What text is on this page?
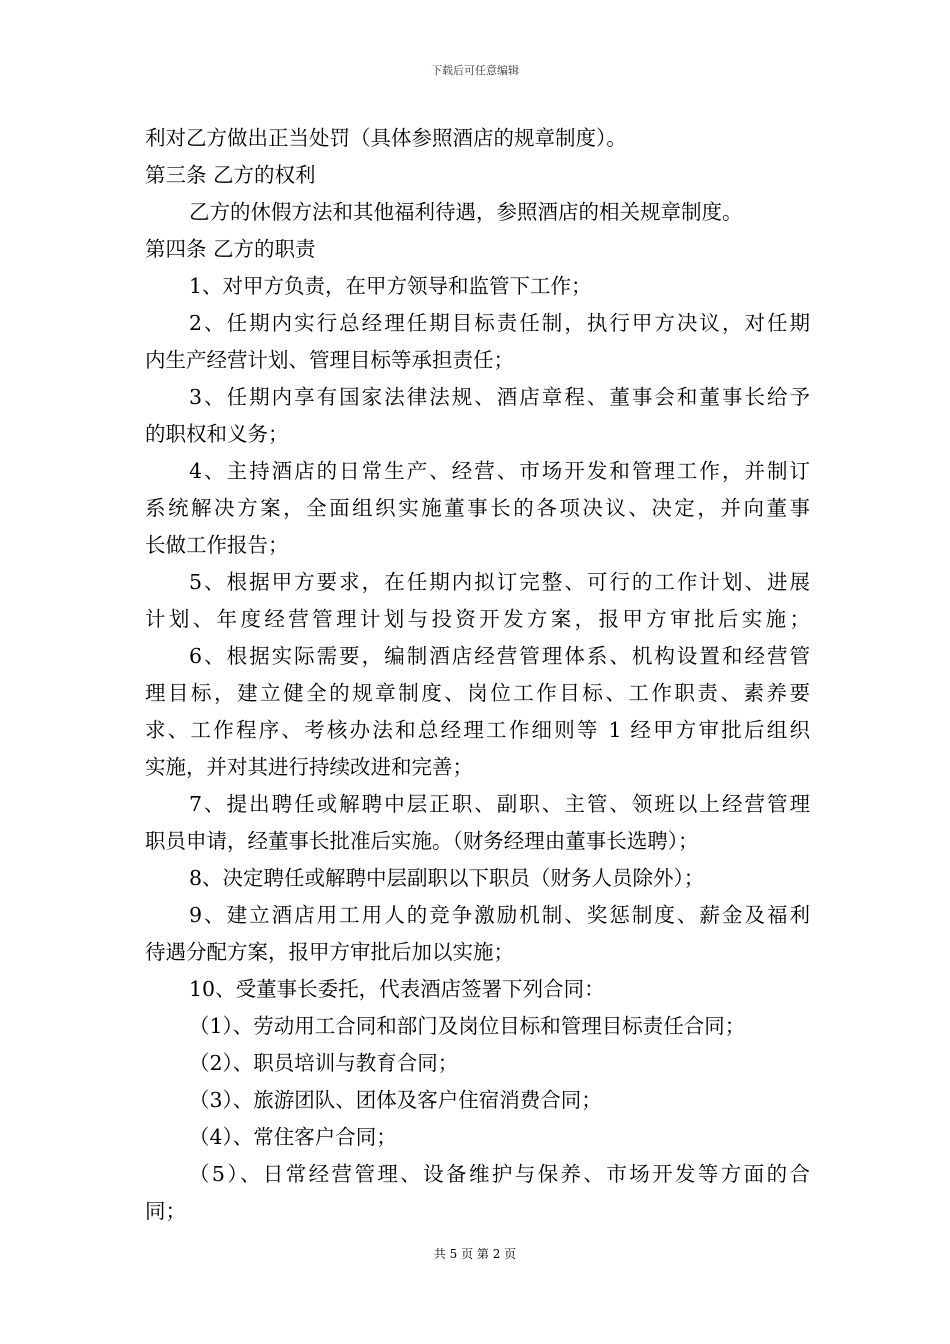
下载后可任意编辑
利对乙方做出正当处罚（具体参照酒店的规章制度）。
第三条 乙方的权利
乙方的休假方法和其他福利待遇，参照酒店的相关规章制度。
第四条 乙方的职责
1、对甲方负责，在甲方领导和监管下工作；
2、任期内实行总经理任期目标责任制，执行甲方决议，对任期
内生产经营计划、管理目标等承担责任；
3、任期内享有国家法律法规、酒店章程、董事会和董事长给予
的职权和义务；
4、主持酒店的日常生产、经营、市场开发和管理工作，并制订
系统解决方案，全面组织实施董事长的各项决议、决定，并向董事
长做工作报告；
5、根据甲方要求，在任期内拟订完整、可行的工作计划、进展
计划、年度经营管理计划与投资开发方案，报甲方审批后实施；
6、根据实际需要，编制酒店经营管理体系、机构设置和经营管
理目标，建立健全的规章制度、岗位工作目标、工作职责、素养要
求、工作程序、考核办法和总经理工作细则等 1 经甲方审批后组织
实施，并对其进行持续改进和完善；
7、提出聘任或解聘中层正职、副职、主管、领班以上经营管理
职员申请，经董事长批准后实施。（财务经理由董事长选聘）；
8、决定聘任或解聘中层副职以下职员（财务人员除外）；
9、建立酒店用工用人的竞争激励机制、奖惩制度、薪金及福利
待遇分配方案，报甲方审批后加以实施；
10、受董事长委托，代表酒店签署下列合同：
（1）、劳动用工合同和部门及岗位目标和管理目标责任合同；
（2）、职员培训与教育合同；
（3）、旅游团队、团体及客户住宿消费合同；
（4）、常住客户合同；
（5）、日常经营管理、设备维护与保养、市场开发等方面的合
同；
共 5 页 第 2 页
